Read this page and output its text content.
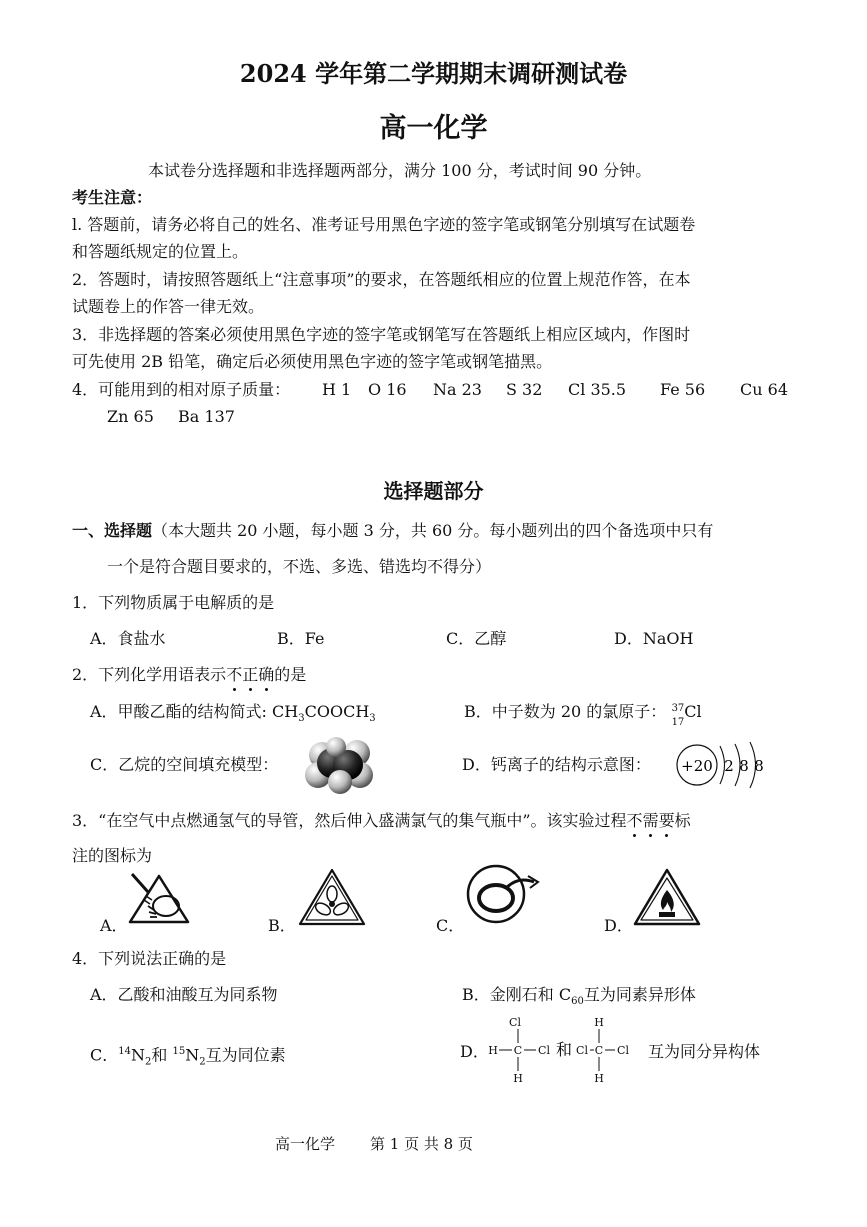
2024 学年第二学期期末调研测试卷
高一化学
本试卷分选择题和非选择题两部分，满分 100 分，考试时间 90 分钟。
考生注意：
l. 答题前，请务必将自己的姓名、准考证号用黑色字迹的签字笔或钢笔分别填写在试题卷
和答题纸规定的位置上。
2．答题时，请按照答题纸上“注意事项”的要求，在答题纸相应的位置上规范作答，在本
试题卷上的作答一律无效。
3．非选择题的答案必须使用黑色字迹的签字笔或钢笔写在答题纸上相应区域内，作图时
可先使用 2B 铅笔，确定后必须使用黑色字迹的签字笔或钢笔描黑。
4．可能用到的相对原子质量： H 1 O 16 Na 23 S 32 Cl 35.5 Fe 56 Cu 64
Zn 65 Ba 137
选择题部分
一、选择题（本大题共 20 小题，每小题 3 分，共 60 分。每小题列出的四个备选项中只有
一个是符合题目要求的，不选、多选、错选均不得分）
1．下列物质属于电解质的是
A．食盐水	B．Fe	C．乙醇	D．NaOH
2．下列化学用语表示不正确的是
A．甲酸乙酯的结构简式: $CH_3COOCH_3$	B．中子数为 20 的氯原子： 37
17
Cl
C．乙烷的空间填充模型：	D．钙离子的结构示意图： +20 2 8 8
3．“在空气中点燃通氢气的导管，然后伸入盛满氯气的集气瓶中”。该实验过程不需要标
注的图标为
A．	B．	C．	D．
4．下列说法正确的是
A．乙酸和油酸互为同系物	B．金刚石和 $C_{60}$互为同素异形体
C．$^{14}N_2$和 $^{15}N_2$互为同位素	D．
Cl
H C Cl
H
和
H
Cl C Cl
H
互为同分异构体
高一化学 第 1 页 共 8 页
